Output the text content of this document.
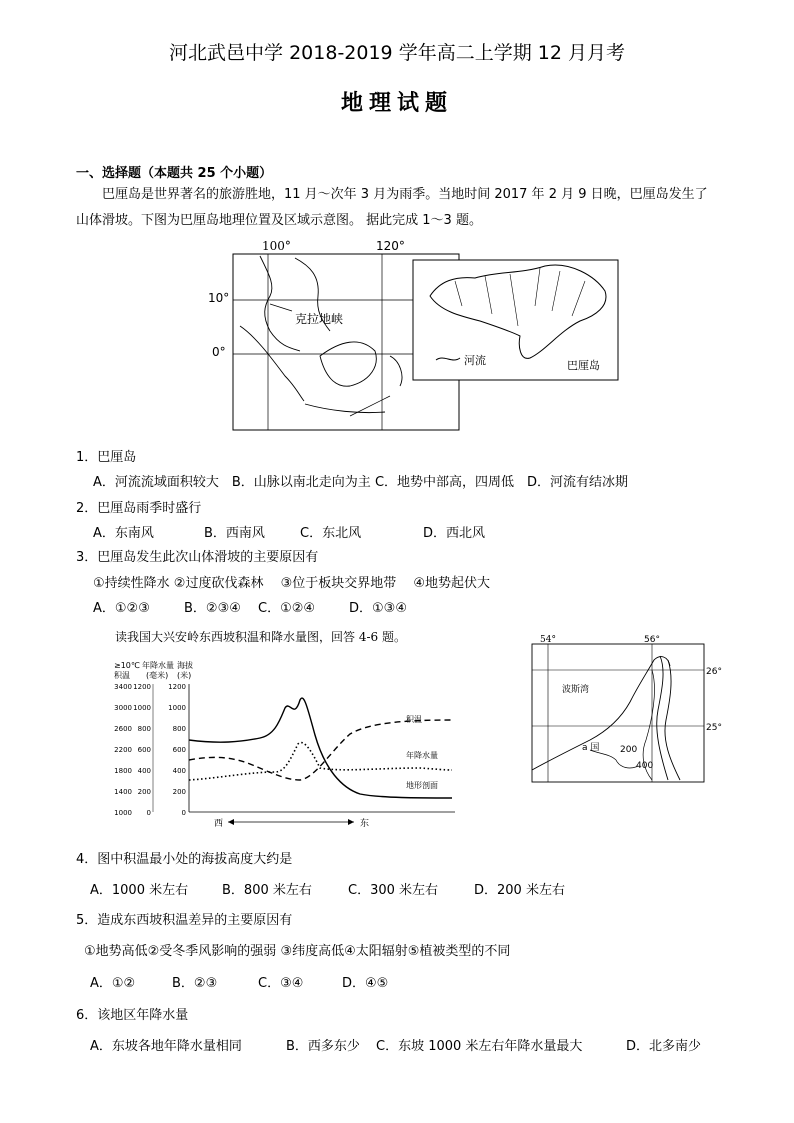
河北武邑中学 2018-2019 学年高二上学期 12 月月考
地理试题
一、选择题（本题共 25 个小题）
巴厘岛是世界著名的旅游胜地，11 月～次年 3 月为雨季。当地时间 2017 年 2 月 9 日晚，巴厘岛发生了山体滑坡。下图为巴厘岛地理位置及区域示意图。 据此完成 1～3 题。
100°	120°
10°
0°
克拉地峡
河流	巴厘岛
1．巴厘岛
A．河流流域面积较大　B．山脉以南北走向为主 C．地势中部高，四周低　D．河流有结冰期
2．巴厘岛雨季时盛行
A．东南风	B．西南风	C．东北风	D．西北风
3．巴厘岛发生此次山体滑坡的主要原因有
①持续性降水 ②过度砍伐森林 　③位于板块交界地带 　④地势起伏大
A．①②③	B．②③④ C．①②④	D．①③④
读我国大兴安岭东西坡积温和降水量图，回答 4-6 题。
≥10℃
积温
年降水量
(毫米)
海拔
(米)
3400
3000
2600
2200
1800
1400
1000
1200
1000
800
600
400
200
0
1200
1000
800
600
400
200
0
积温
年降水量
地形剖面
西	东
54°	56°
26°
25°
波斯湾
a 国 200
400
4．图中积温最小处的海拔高度大约是
A．1000 米左右	B．800 米左右	C．300 米左右	D．200 米左右
5．造成东西坡积温差异的主要原因有
①地势高低②受冬季风影响的强弱 ③纬度高低④太阳辐射⑤植被类型的不同
A．①②	B．②③	C．③④	D．④⑤
6．该地区年降水量
A．东坡各地年降水量相同	B．西多东少 C．东坡 1000 米左右年降水量最大	D．北多南少
